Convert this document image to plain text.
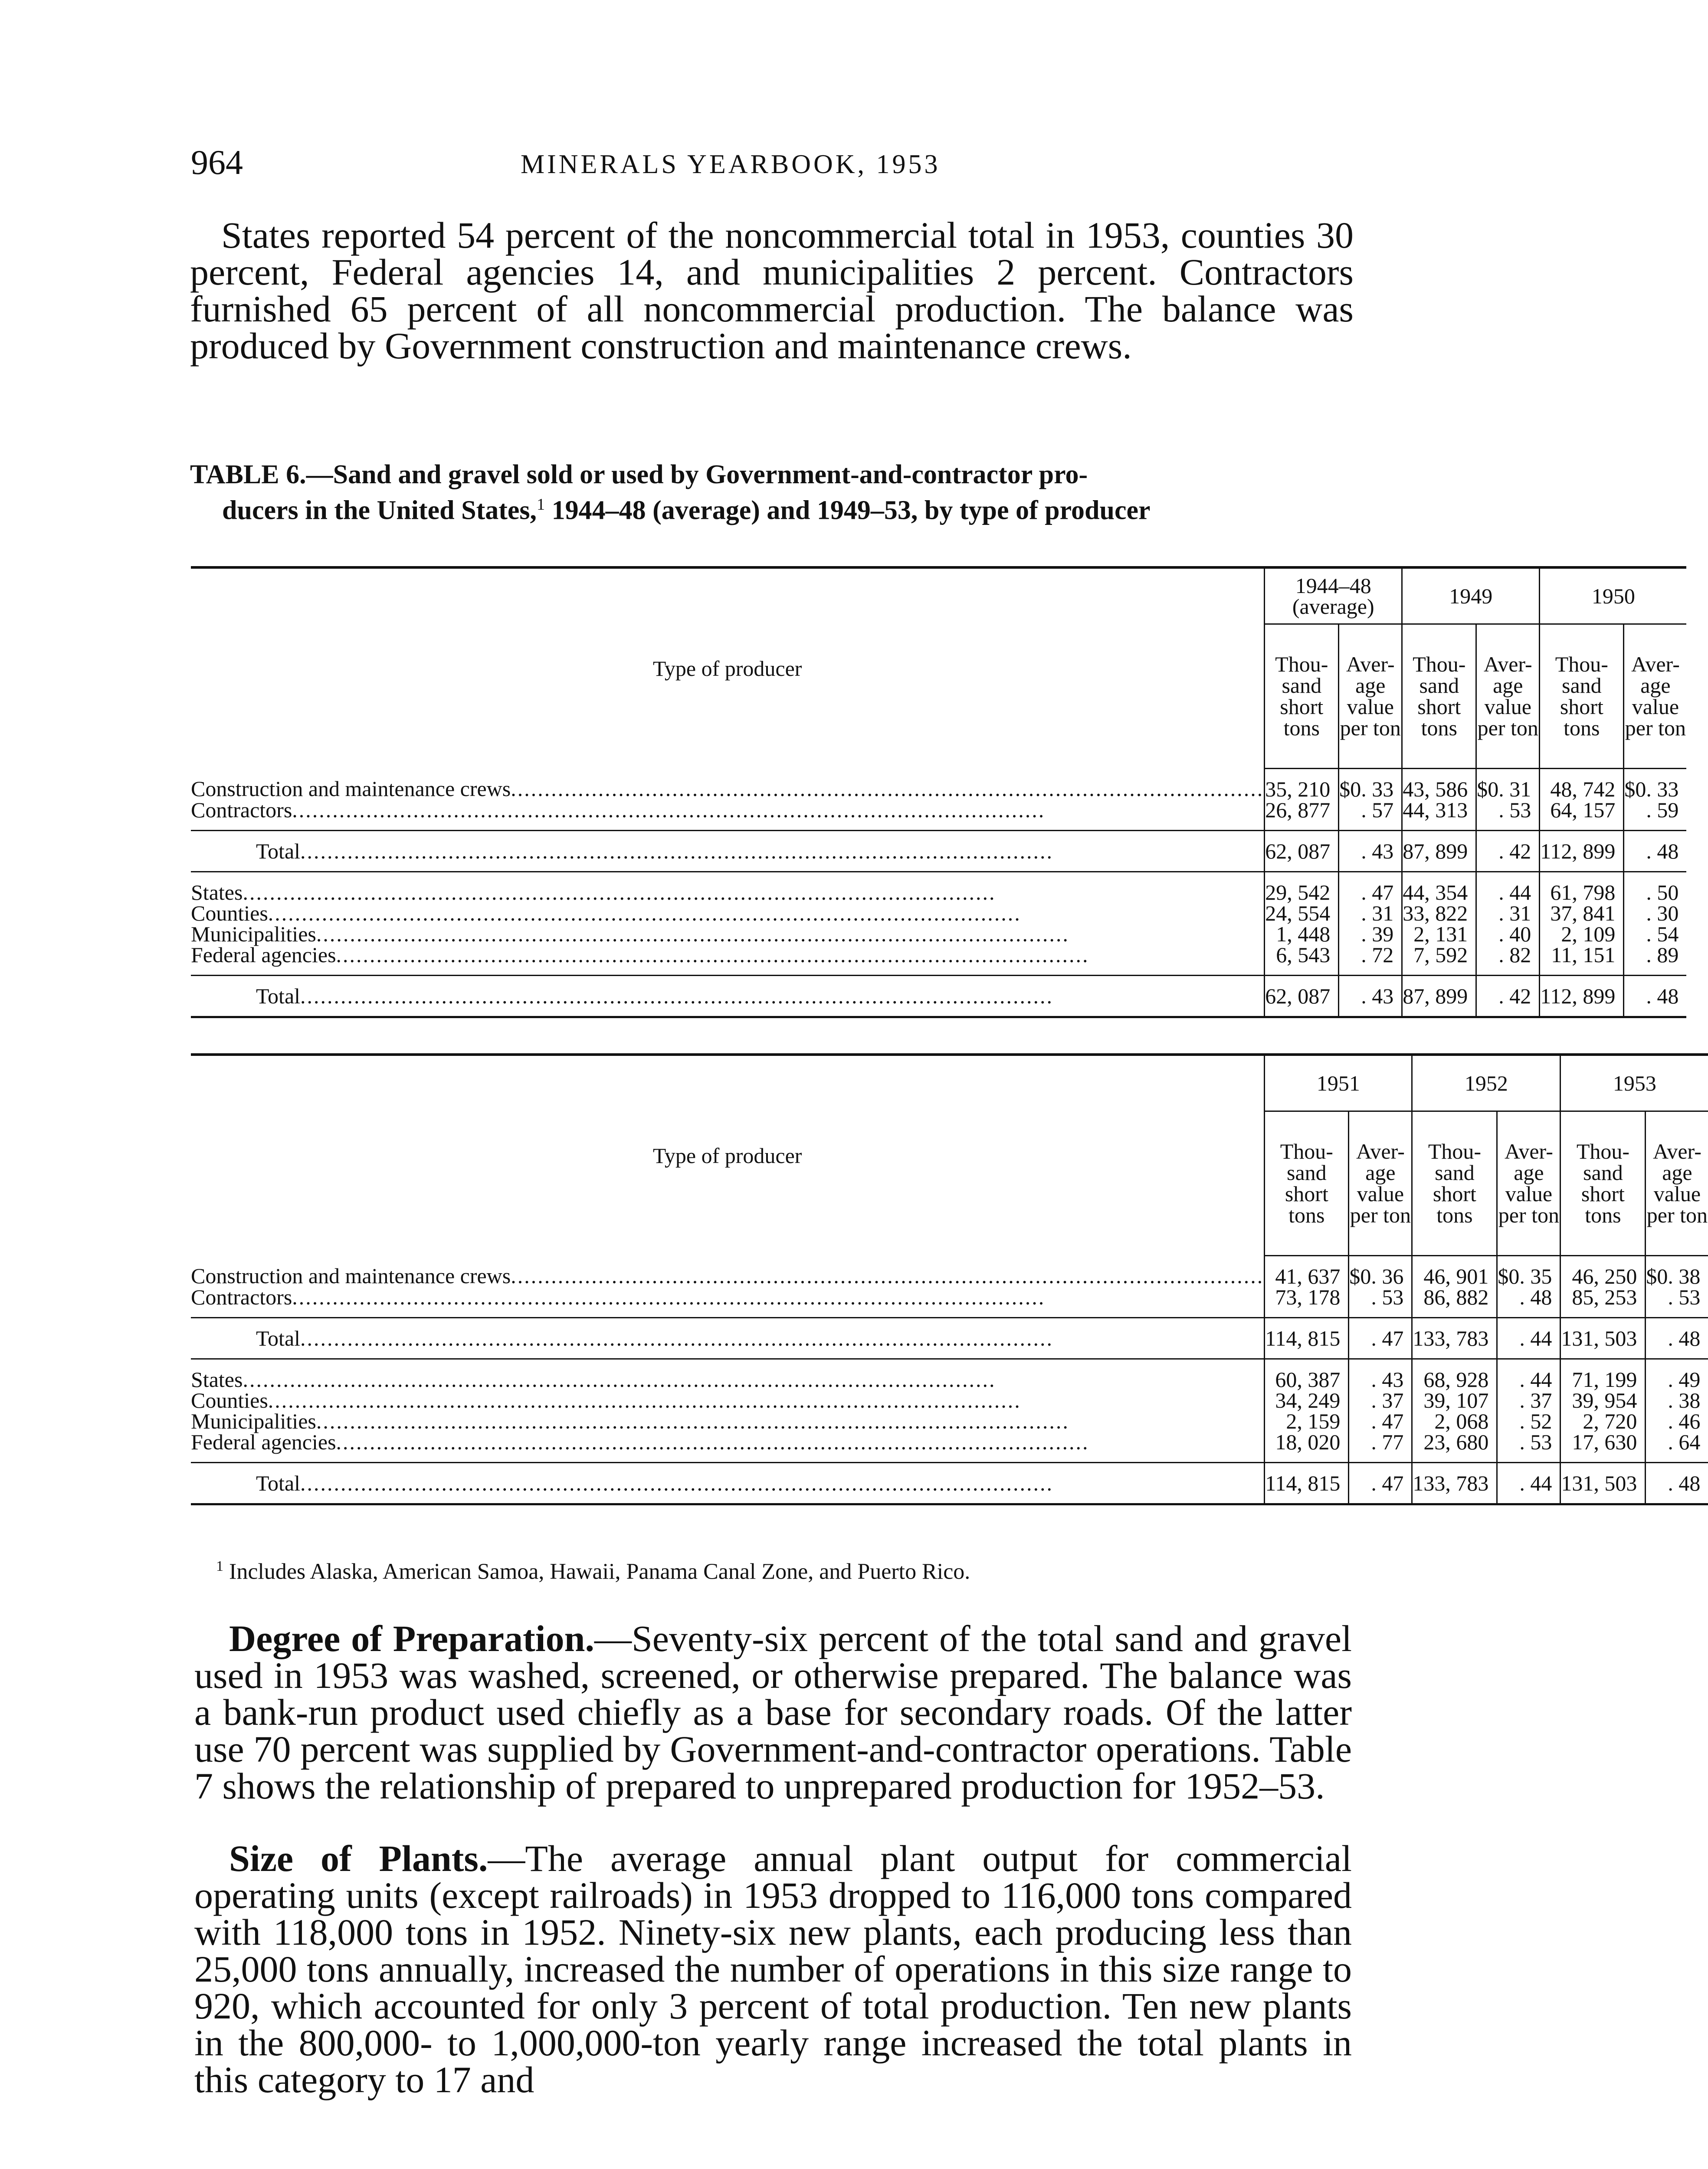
964	MINERALS YEARBOOK, 1953

States reported 54 percent of the noncommercial total in 1953, counties 30 percent, Federal agencies 14, and municipalities 2 percent. Contractors furnished 65 percent of all noncommercial production. The balance was produced by Government construction and maintenance crews.

TABLE 6.—Sand and gravel sold or used by Government-and-contractor pro-
ducers in the United States,$^1$ 1944–48 (average) and 1949–53, by type of producer
Type of producer	1944–48 (average)		1949		1950	
	Thou- sand short tons	Aver- age value per ton	Thou- sand short tons	Aver- age value per ton	Thou- sand short tons	Aver- age value per ton
Construction and maintenance crews................................................................................................................	35, 210	$0. 33	43, 586	$0. 31	48, 742	$0. 33
Contractors................................................................................................................	26, 877	. 57	44, 313	. 53	64, 157	. 59
Total................................................................................................................	62, 087	. 43	87, 899	. 42	112, 899	. 48
States................................................................................................................	29, 542	. 47	44, 354	. 44	61, 798	. 50
Counties................................................................................................................	24, 554	. 31	33, 822	. 31	37, 841	. 30
Municipalities................................................................................................................	1, 448	. 39	2, 131	. 40	2, 109	. 54
Federal agencies................................................................................................................	6, 543	. 72	7, 592	. 82	11, 151	. 89
Total................................................................................................................	62, 087	. 43	87, 899	. 42	112, 899	. 48
Type of producer	1951		1952		1953	
	Thou- sand short tons	Aver- age value per ton	Thou- sand short tons	Aver- age value per ton	Thou- sand short tons	Aver- age value per ton
Construction and maintenance crews................................................................................................................	41, 637	$0. 36	46, 901	$0. 35	46, 250	$0. 38
Contractors................................................................................................................	73, 178	. 53	86, 882	. 48	85, 253	. 53
Total................................................................................................................	114, 815	. 47	133, 783	. 44	131, 503	. 48
States................................................................................................................	60, 387	. 43	68, 928	. 44	71, 199	. 49
Counties................................................................................................................	34, 249	. 37	39, 107	. 37	39, 954	. 38
Municipalities................................................................................................................	2, 159	. 47	2, 068	. 52	2, 720	. 46
Federal agencies................................................................................................................	18, 020	. 77	23, 680	. 53	17, 630	. 64
Total................................................................................................................	114, 815	. 47	133, 783	. 44	131, 503	. 48
$^1$ Includes Alaska, American Samoa, Hawaii, Panama Canal Zone, and Puerto Rico.

Degree of Preparation.—Seventy-six percent of the total sand and gravel used in 1953 was washed, screened, or otherwise prepared. The balance was a bank-run product used chiefly as a base for secondary roads. Of the latter use 70 percent was supplied by Government-and-contractor operations. Table 7 shows the relationship of prepared to unprepared production for 1952–53.

Size of Plants.—The average annual plant output for commercial operating units (except railroads) in 1953 dropped to 116,000 tons compared with 118,000 tons in 1952. Ninety-six new plants, each producing less than 25,000 tons annually, increased the number of operations in this size range to 920, which accounted for only 3 percent of total production. Ten new plants in the 800,000- to 1,000,000-ton yearly range increased the total plants in this category to 17 and
